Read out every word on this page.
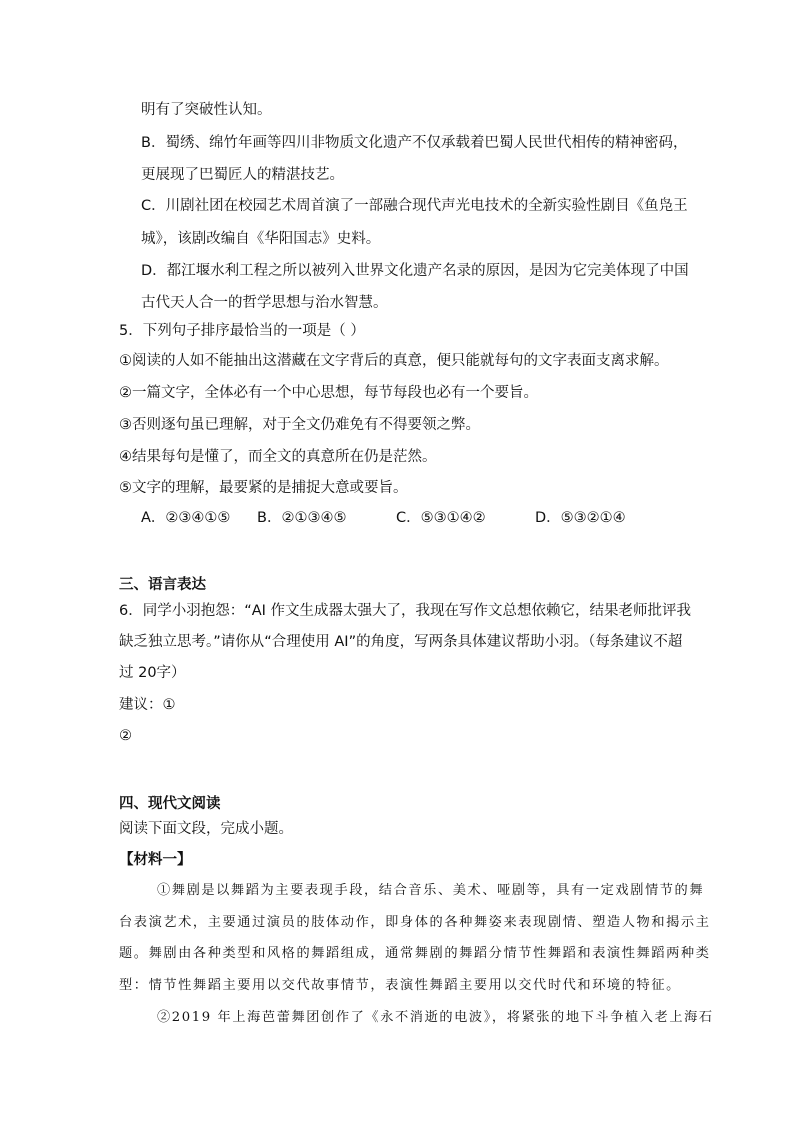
明有了突破性认知。
B．蜀绣、绵竹年画等四川非物质文化遗产不仅承载着巴蜀人民世代相传的精神密码，
更展现了巴蜀匠人的精湛技艺。
C．川剧社团在校园艺术周首演了一部融合现代声光电技术的全新实验性剧目《鱼凫王
城》，该剧改编自《华阳国志》史料。
D．都江堰水利工程之所以被列入世界文化遗产名录的原因，是因为它完美体现了中国
古代天人合一的哲学思想与治水智慧。
5．下列句子排序最恰当的一项是（ ）
①阅读的人如不能抽出这潜藏在文字背后的真意，便只能就每句的文字表面支离求解。
②一篇文字，全体必有一个中心思想，每节每段也必有一个要旨。
③否则逐句虽已理解，对于全文仍难免有不得要领之弊。
④结果每句是懂了，而全文的真意所在仍是茫然。
⑤文字的理解，最要紧的是捕捉大意或要旨。
A．②③④①⑤ B．②①③④⑤	C．⑤③①④②	D．⑤③②①④
三、语言表达
6．同学小羽抱怨：“AI 作文生成器太强大了，我现在写作文总想依赖它，结果老师批评我
缺乏独立思考。”请你从“合理使用 AI”的角度，写两条具体建议帮助小羽。（每条建议不超
过 20字）
建议：①
②
四、现代文阅读
阅读下面文段，完成小题。
【材料一】
①舞剧是以舞蹈为主要表现手段，结合音乐、美术、哑剧等，具有一定戏剧情节的舞
台表演艺术，主要通过演员的肢体动作，即身体的各种舞姿来表现剧情、塑造人物和揭示主
题。舞剧由各种类型和风格的舞蹈组成，通常舞剧的舞蹈分情节性舞蹈和表演性舞蹈两种类
型：情节性舞蹈主要用以交代故事情节，表演性舞蹈主要用以交代时代和环境的特征。
②2019 年上海芭蕾舞团创作了《永不消逝的电波》，将紧张的地下斗争植入老上海石
